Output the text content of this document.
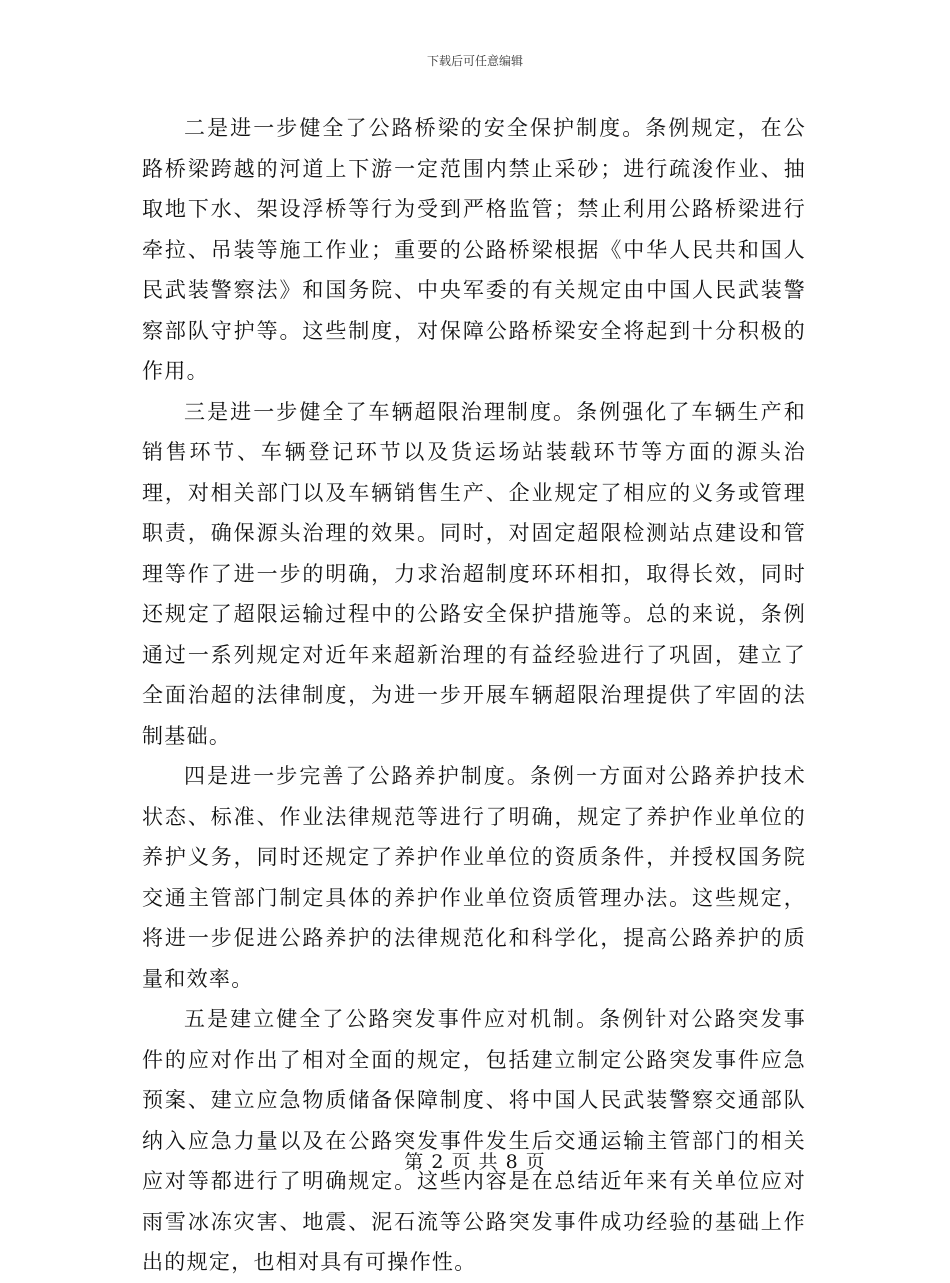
下载后可任意编辑

二是进一步健全了公路桥梁的安全保护制度。条例规定，在公路桥梁跨越的河道上下游一定范围内禁止采砂；进行疏浚作业、抽取地下水、架设浮桥等行为受到严格监管；禁止利用公路桥梁进行牵拉、吊装等施工作业；重要的公路桥梁根据《中华人民共和国人民武装警察法》和国务院、中央军委的有关规定由中国人民武装警察部队守护等。这些制度，对保障公路桥梁安全将起到十分积极的作用。

三是进一步健全了车辆超限治理制度。条例强化了车辆生产和销售环节、车辆登记环节以及货运场站装载环节等方面的源头治理，对相关部门以及车辆销售生产、企业规定了相应的义务或管理职责，确保源头治理的效果。同时，对固定超限检测站点建设和管理等作了进一步的明确，力求治超制度环环相扣，取得长效，同时还规定了超限运输过程中的公路安全保护措施等。总的来说，条例通过一系列规定对近年来超新治理的有益经验进行了巩固，建立了全面治超的法律制度，为进一步开展车辆超限治理提供了牢固的法制基础。

四是进一步完善了公路养护制度。条例一方面对公路养护技术状态、标准、作业法律规范等进行了明确，规定了养护作业单位的养护义务，同时还规定了养护作业单位的资质条件，并授权国务院交通主管部门制定具体的养护作业单位资质管理办法。这些规定，将进一步促进公路养护的法律规范化和科学化，提高公路养护的质量和效率。

五是建立健全了公路突发事件应对机制。条例针对公路突发事件的应对作出了相对全面的规定，包括建立制定公路突发事件应急预案、建立应急物质储备保障制度、将中国人民武装警察交通部队纳入应急力量以及在公路突发事件发生后交通运输主管部门的相关应对等都进行了明确规定。这些内容是在总结近年来有关单位应对雨雪冰冻灾害、地震、泥石流等公路突发事件成功经验的基础上作出的规定，也相对具有可操作性。

第 2 页 共 8 页
